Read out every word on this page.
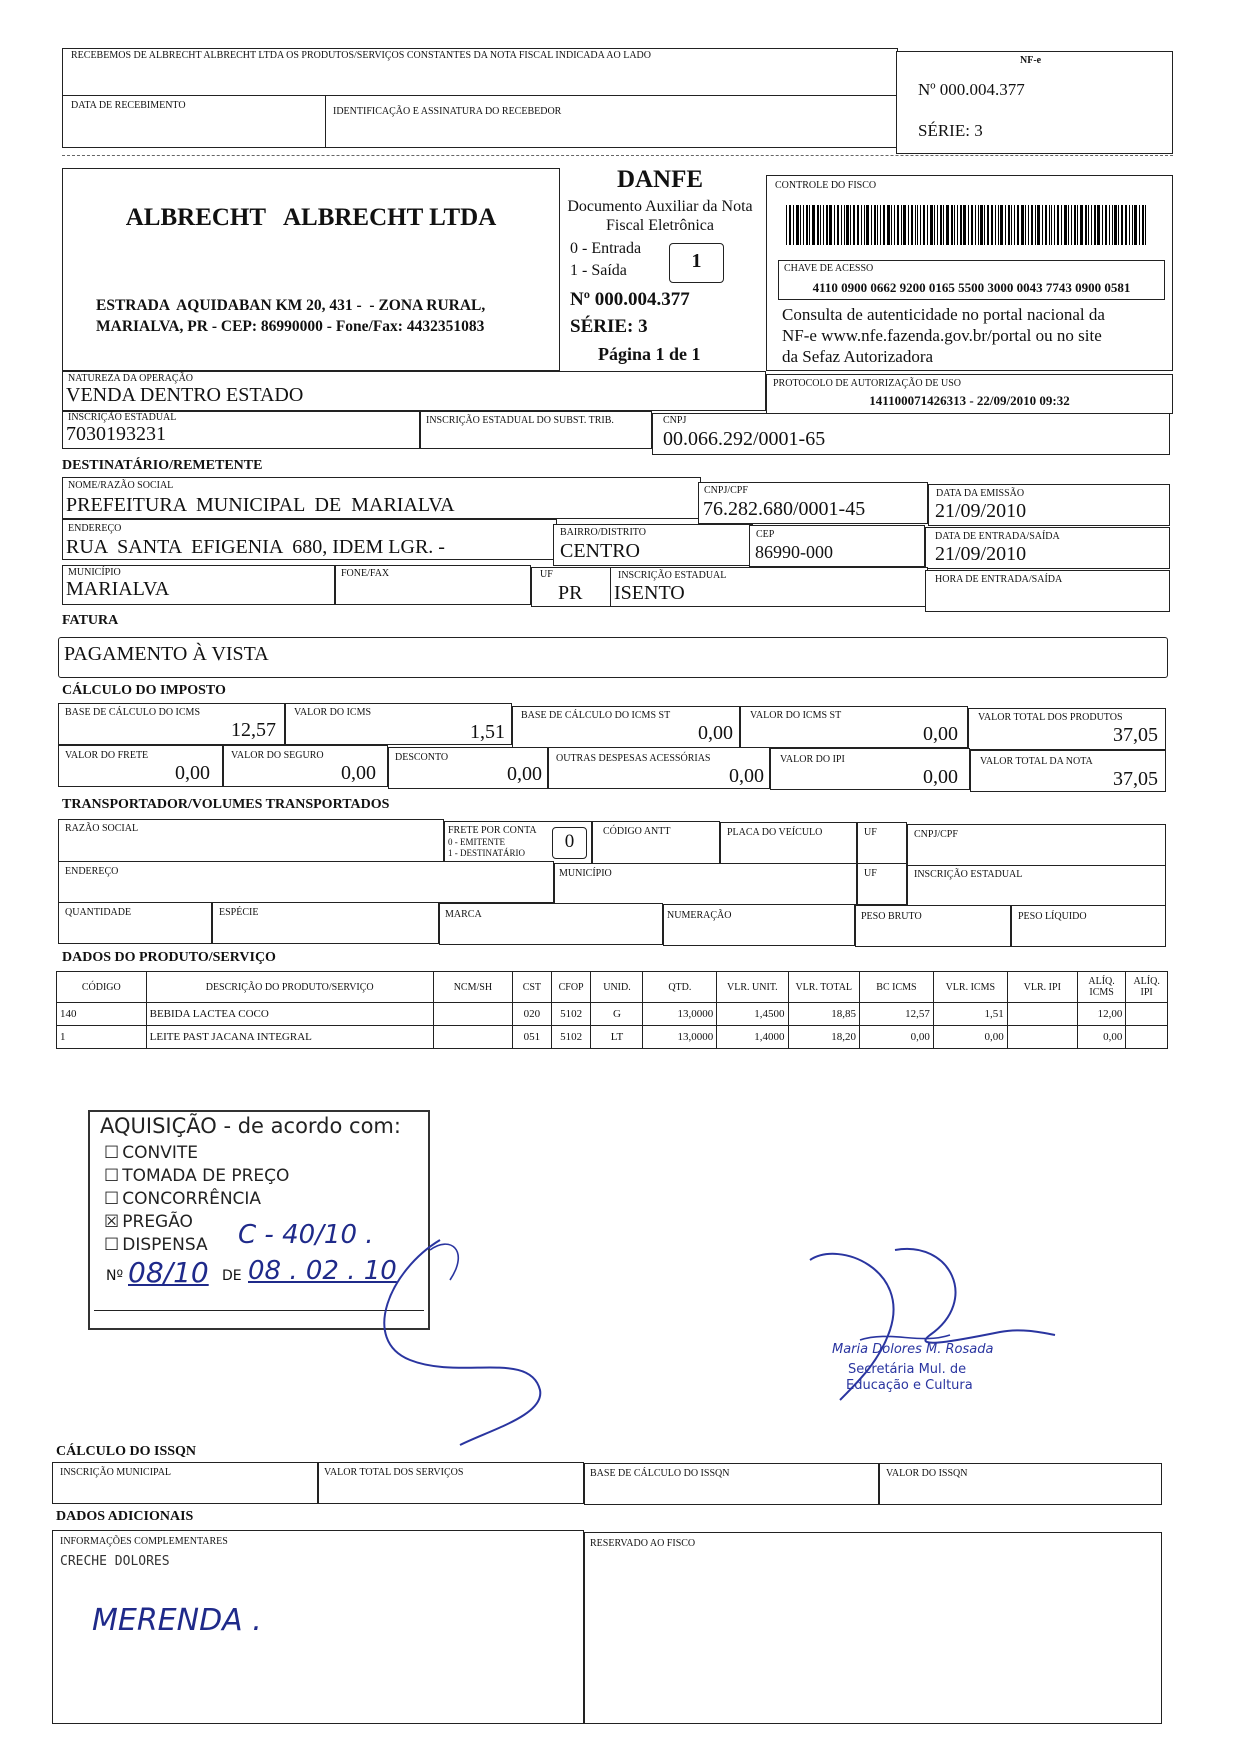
RECEBEMOS DE ALBRECHT ALBRECHT LTDA OS PRODUTOS/SERVIÇOS CONSTANTES DA NOTA FISCAL INDICADA AO LADO
DATA DE RECEBIMENTO
IDENTIFICAÇÃO E ASSINATURA DO RECEBEDOR
NF-e
Nº 000.004.377
SÉRIE: 3
ALBRECHT   ALBRECHT LTDA
ESTRADA  AQUIDABAN KM 20, 431 -  - ZONA RURAL,
MARIALVA, PR - CEP: 86990000 - Fone/Fax: 4432351083
DANFE
Documento Auxiliar da Nota
Fiscal Eletrônica
0 - Entrada
1 - Saída	1
Nº 000.004.377
SÉRIE: 3
Página 1 de 1
CONTROLE DO FISCO
CHAVE DE ACESSO
4110 0900 0662 9200 0165 5500 3000 0043 7743 0900 0581
Consulta de autenticidade no portal nacional da
NF-e www.nfe.fazenda.gov.br/portal ou no site
da Sefaz Autorizadora
NATUREZA DA OPERAÇÃO
VENDA DENTRO ESTADO
PROTOCOLO DE AUTORIZAÇÃO DE USO
141100071426313 - 22/09/2010 09:32
INSCRIÇÃO ESTADUAL
7030193231
INSCRIÇÃO ESTADUAL DO SUBST. TRIB.	CNPJ
00.066.292/0001-65
DESTINATÁRIO/REMETENTE
NOME/RAZÃO SOCIAL
PREFEITURA  MUNICIPAL  DE  MARIALVA
CNPJ/CPF
76.282.680/0001-45
DATA DA EMISSÃO
21/09/2010
ENDEREÇO
RUA  SANTA  EFIGENIA  680, IDEM LGR. -
BAIRRO/DISTRITO
CENTRO
CEP
86990-000
DATA DE ENTRADA/SAÍDA
21/09/2010
MUNICÍPIO
MARIALVA
FONE/FAX	UF
PR
INSCRIÇÃO ESTADUAL
ISENTO
HORA DE ENTRADA/SAÍDA
FATURA
PAGAMENTO À VISTA
CÁLCULO DO IMPOSTO
BASE DE CÁLCULO DO ICMS
12,57
VALOR DO ICMS
1,51
BASE DE CÁLCULO DO ICMS ST
0,00
VALOR DO ICMS ST
0,00
VALOR TOTAL DOS PRODUTOS
37,05
VALOR DO FRETE
0,00
VALOR DO SEGURO
0,00
DESCONTO
0,00
OUTRAS DESPESAS ACESSÓRIAS
0,00
VALOR DO IPI
0,00
VALOR TOTAL DA NOTA
37,05
TRANSPORTADOR/VOLUMES TRANSPORTADOS
RAZÃO SOCIAL	FRETE POR CONTA
0 - EMITENTE
1 - DESTINATÁRIO
0	CÓDIGO ANTT	PLACA DO VEÍCULO	UF	CNPJ/CPF
ENDEREÇO	MUNICÍPIO	UF	INSCRIÇÃO ESTADUAL
QUANTIDADE	ESPÉCIE	MARCA	NUMERAÇÃO	PESO BRUTO	PESO LÍQUIDO
DADOS DO PRODUTO/SERVIÇO
CÓDIGO	DESCRIÇÃO DO PRODUTO/SERVIÇO	NCM/SH	CST	CFOP	UNID.	QTD.	VLR. UNIT.	VLR. TOTAL	BC ICMS	VLR. ICMS	VLR. IPI	ALÍQ. ICMS	ALÍQ. IPI
140	BEBIDA LACTEA COCO		020	5102	G	13,0000	1,4500	18,85	12,57	1,51		12,00	
1	LEITE PAST JACANA INTEGRAL		051	5102	LT	13,0000	1,4000	18,20	0,00	0,00		0,00	
AQUISIÇÃO - de acordo com:
☐ CONVITE
☐ TOMADA DE PREÇO
☐ CONCORRÊNCIA
☒ PREGÃO
☐ DISPENSA	C - 40/10 .
Nº 08/10 DE 08 . 02 . 10
Maria Dolores M. Rosada
Secretária Mul. de
Educação e Cultura
CÁLCULO DO ISSQN
INSCRIÇÃO MUNICIPAL	VALOR TOTAL DOS SERVIÇOS	BASE DE CÁLCULO DO ISSQN	VALOR DO ISSQN
DADOS ADICIONAIS
INFORMAÇÕES COMPLEMENTARES
CRECHE DOLORES
MERENDA .
RESERVADO AO FISCO
